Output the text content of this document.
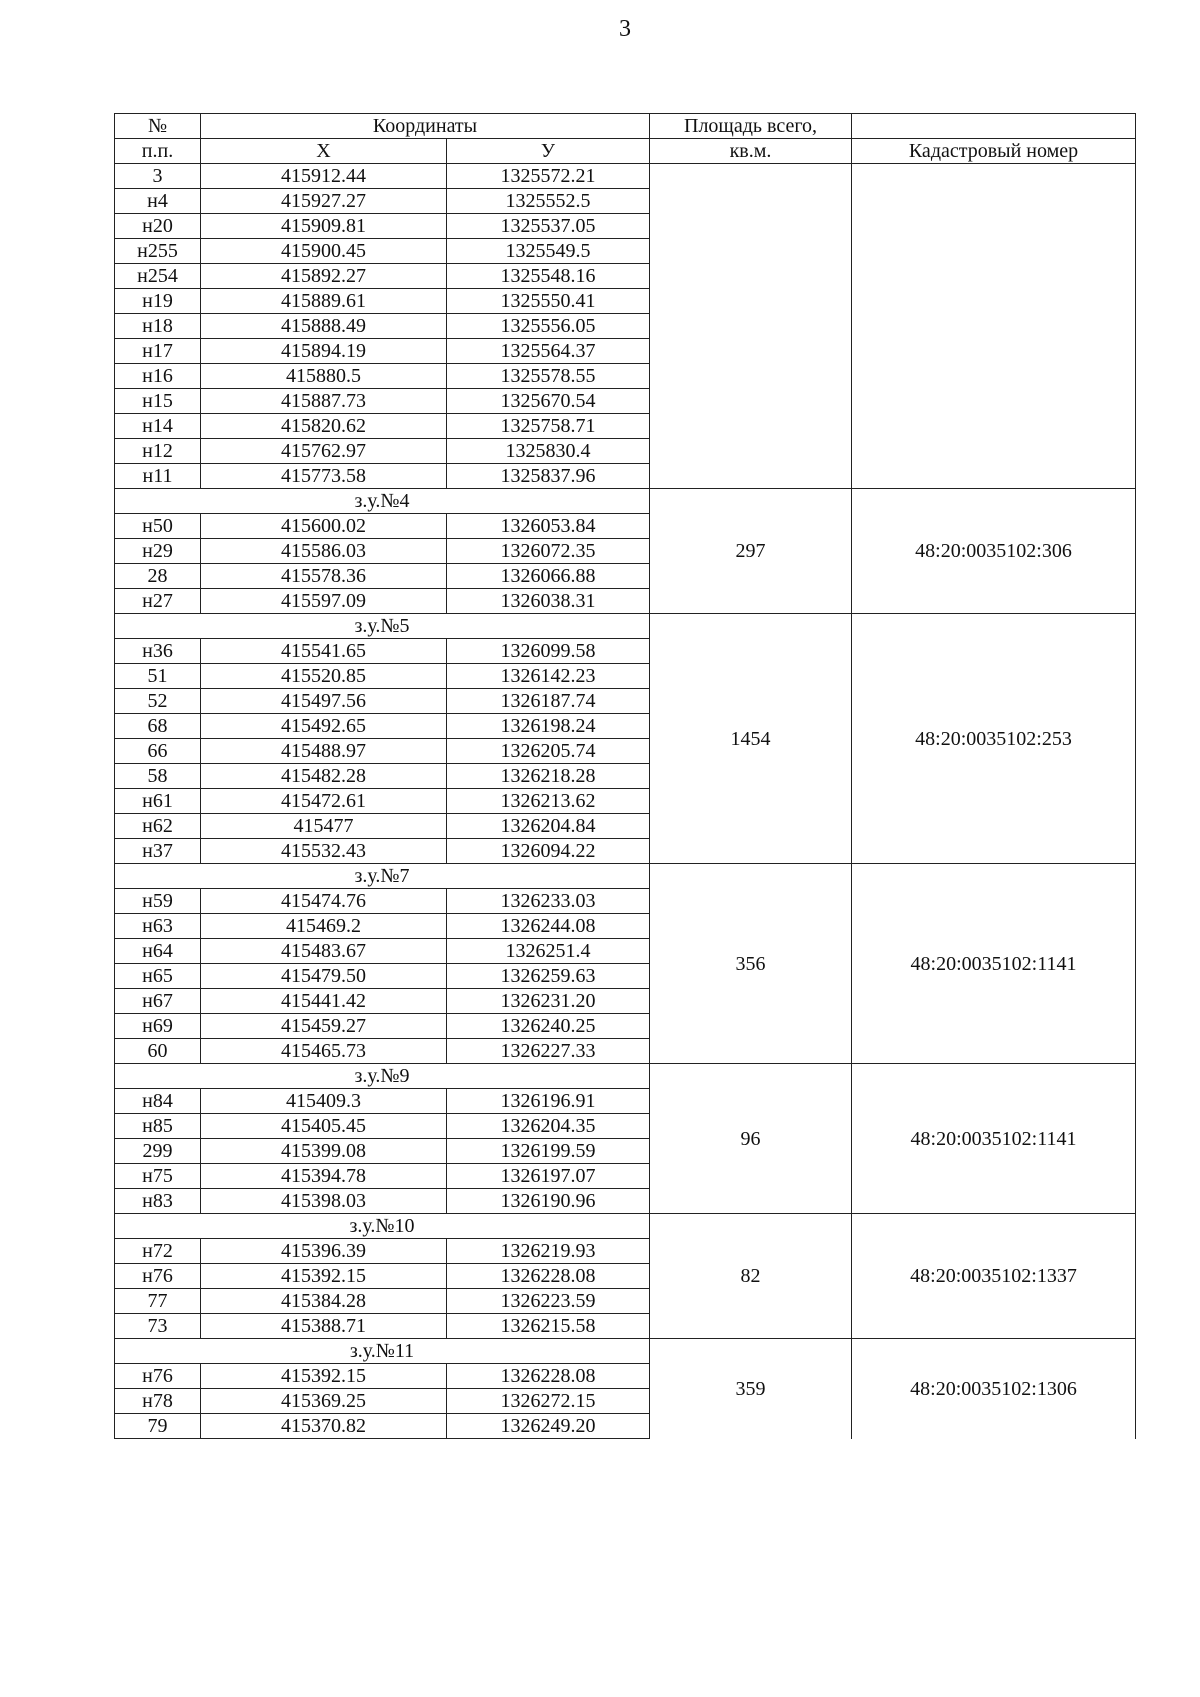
3
№	Координаты		Площадь всего,	
п.п.	Х	У	кв.м.	Кадастровый номер
3	415912.44	1325572.21		
н4	415927.27	1325552.5		
н20	415909.81	1325537.05		
н255	415900.45	1325549.5		
н254	415892.27	1325548.16		
н19	415889.61	1325550.41		
н18	415888.49	1325556.05		
н17	415894.19	1325564.37		
н16	415880.5	1325578.55		
н15	415887.73	1325670.54		
н14	415820.62	1325758.71		
н12	415762.97	1325830.4		
н11	415773.58	1325837.96		
з.у.№4			297	48:20:0035102:306
н50	415600.02	1326053.84		
н29	415586.03	1326072.35		
28	415578.36	1326066.88		
н27	415597.09	1326038.31		
з.у.№5			1454	48:20:0035102:253
н36	415541.65	1326099.58		
51	415520.85	1326142.23		
52	415497.56	1326187.74		
68	415492.65	1326198.24		
66	415488.97	1326205.74		
58	415482.28	1326218.28		
н61	415472.61	1326213.62		
н62	415477	1326204.84		
н37	415532.43	1326094.22		
з.у.№7			356	48:20:0035102:1141
н59	415474.76	1326233.03		
н63	415469.2	1326244.08		
н64	415483.67	1326251.4		
н65	415479.50	1326259.63		
н67	415441.42	1326231.20		
н69	415459.27	1326240.25		
60	415465.73	1326227.33		
з.у.№9			96	48:20:0035102:1141
н84	415409.3	1326196.91		
н85	415405.45	1326204.35		
299	415399.08	1326199.59		
н75	415394.78	1326197.07		
н83	415398.03	1326190.96		
з.у.№10			82	48:20:0035102:1337
н72	415396.39	1326219.93		
н76	415392.15	1326228.08		
77	415384.28	1326223.59		
73	415388.71	1326215.58		
з.у.№11			359	48:20:0035102:1306
н76	415392.15	1326228.08		
н78	415369.25	1326272.15		
79	415370.82	1326249.20		
